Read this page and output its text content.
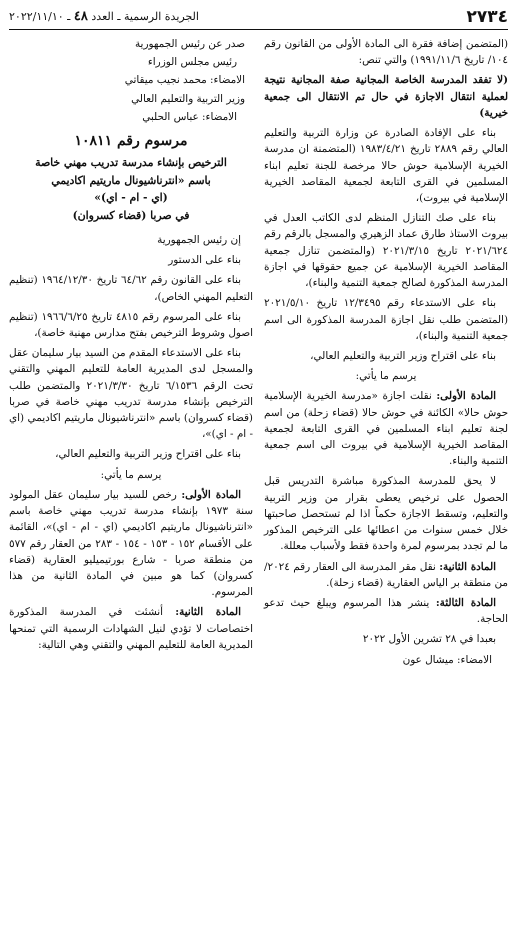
٢٧٣٤
الجريدة الرسمية ـ العدد ٤٨ ـ ٢٠٢٢/١١/١٠

(المتضمن إضافة فقرة الى المادة الأولى من القانون رقم ١٠٤/ تاريخ ١٩٩١/١١/٦) والتي تنص:

(لا تفقد المدرسة الخاصة المجانية صفة المجانية نتيجة لعملية انتقال الاجازة في حال تم الانتقال الى جمعية خيرية)

بناء على الإفادة الصادرة عن وزارة التربية والتعليم العالي رقم ٢٨٨٩ تاريخ ١٩٨٣/٤/٢١ (المتضمنة ان مدرسة الخيرية الإسلامية حوش حالا مرخصة للجنة تعليم ابناء المسلمين في القرى التابعة لجمعية المقاصد الخيرية الإسلامية في بيروت)،

بناء على صك التنازل المنظم لدى الكاتب العدل في بيروت الاستاذ طارق عماد الزهيري والمسجل بالرقم رقم ٢٠٢١/٦٢٤ تاريخ ٢٠٢١/٣/١٥ (والمتضمن تنازل جمعية المقاصد الخيرية الإسلامية عن جميع حقوقها في اجازة المدرسة المذكورة لصالح جمعية التنمية والبناء)،

بناء على الاستدعاء رقم ١٢/٣٤٩٥ تاريخ ٢٠٢١/٥/١٠ (المتضمن طلب نقل اجازة المدرسة المذكورة الى اسم جمعية التنمية والبناء)،

بناء على اقتراح وزير التربية والتعليم العالي،

يرسم ما يأتي:

المادة الأولى: نقلت اجازة «مدرسة الخيرية الإسلامية حوش حالا» الكائنة في حوش حالا (قضاء زحلة) من اسم لجنة تعليم ابناء المسلمين في القرى التابعة لجمعية المقاصد الخيرية الإسلامية في بيروت الى اسم جمعية التنمية والبناء.

لا يحق للمدرسة المذكورة مباشرة التدريس قبل الحصول على ترخيص يعطى بقرار من وزير التربية والتعليم، وتسقط الاجازة حكماً اذا لم تستحصل صاحبتها خلال خمس سنوات من اعطائها على الترخيص المذكور ما لم تجدد بمرسوم لمرة واحدة فقط ولأسباب معللة.

المادة الثانية: نقل مقر المدرسة الى العقار رقم ٢٠٢٤/ من منطقة بر الياس العقارية (قضاء زحلة).

المادة الثالثة: ينشر هذا المرسوم ويبلغ حيث تدعو الحاجة.

بعبدا في ٢٨ تشرين الأول ٢٠٢٢

الامضاء: ميشال عون

صدر عن رئيس الجمهورية

رئيس مجلس الوزراء

الامضاء: محمد نجيب ميقاتي

وزير التربية والتعليم العالي

الامضاء: عباس الحلبي

مرسوم رقم ١٠٨١١
الترخيص بإنشاء مدرسة تدريب مهني خاصة
باسم «انترناشيونال ماريتيم اكاديمي
(اي - ام - اي)»
في صربا (قضاء كسروان)

إن رئيس الجمهورية

بناء على الدستور

بناء على القانون رقم ٦٤/٦٢ تاريخ ١٩٦٤/١٢/٣٠ (تنظيم التعليم المهني الخاص)،

بناء على المرسوم رقم ٤٨١٥ تاريخ ١٩٦٦/٦/٢٥ (تنظيم اصول وشروط الترخيص بفتح مدارس مهنية خاصة)،

بناء على الاستدعاء المقدم من السيد بيار سليمان عقل والمسجل لدى المديرية العامة للتعليم المهني والتقني تحت الرقم ٦/١٥٣٦ تاريخ ٢٠٢١/٣/٣٠ والمتضمن طلب الترخيص بإنشاء مدرسة تدريب مهني خاصة في صربا (قضاء كسروان) باسم «انترناشيونال ماريتيم اكاديمي (اي - ام - اي)»،

بناء على اقتراح وزير التربية والتعليم العالي،

يرسم ما يأتي:

المادة الأولى: رخص للسيد بيار سليمان عقل المولود سنة ١٩٧٣ بإنشاء مدرسة تدريب مهني خاصة باسم «انترناشيونال ماريتيم اكاديمي (اي - ام - اي)»، القائمة على الأقسام ١٥٢ - ١٥٣ - ١٥٤ - ٢٨٣ من العقار رقم ٥٧٧ من منطقة صربا - شارع بورتيميليو العقارية (قضاء كسروان) كما هو مبين في المادة الثانية من هذا المرسوم.

المادة الثانية: أنشئت في المدرسة المذكورة اختصاصات لا تؤدي لنيل الشهادات الرسمية التي تمنحها المديرية العامة للتعليم المهني والتقني وهي التالية:
